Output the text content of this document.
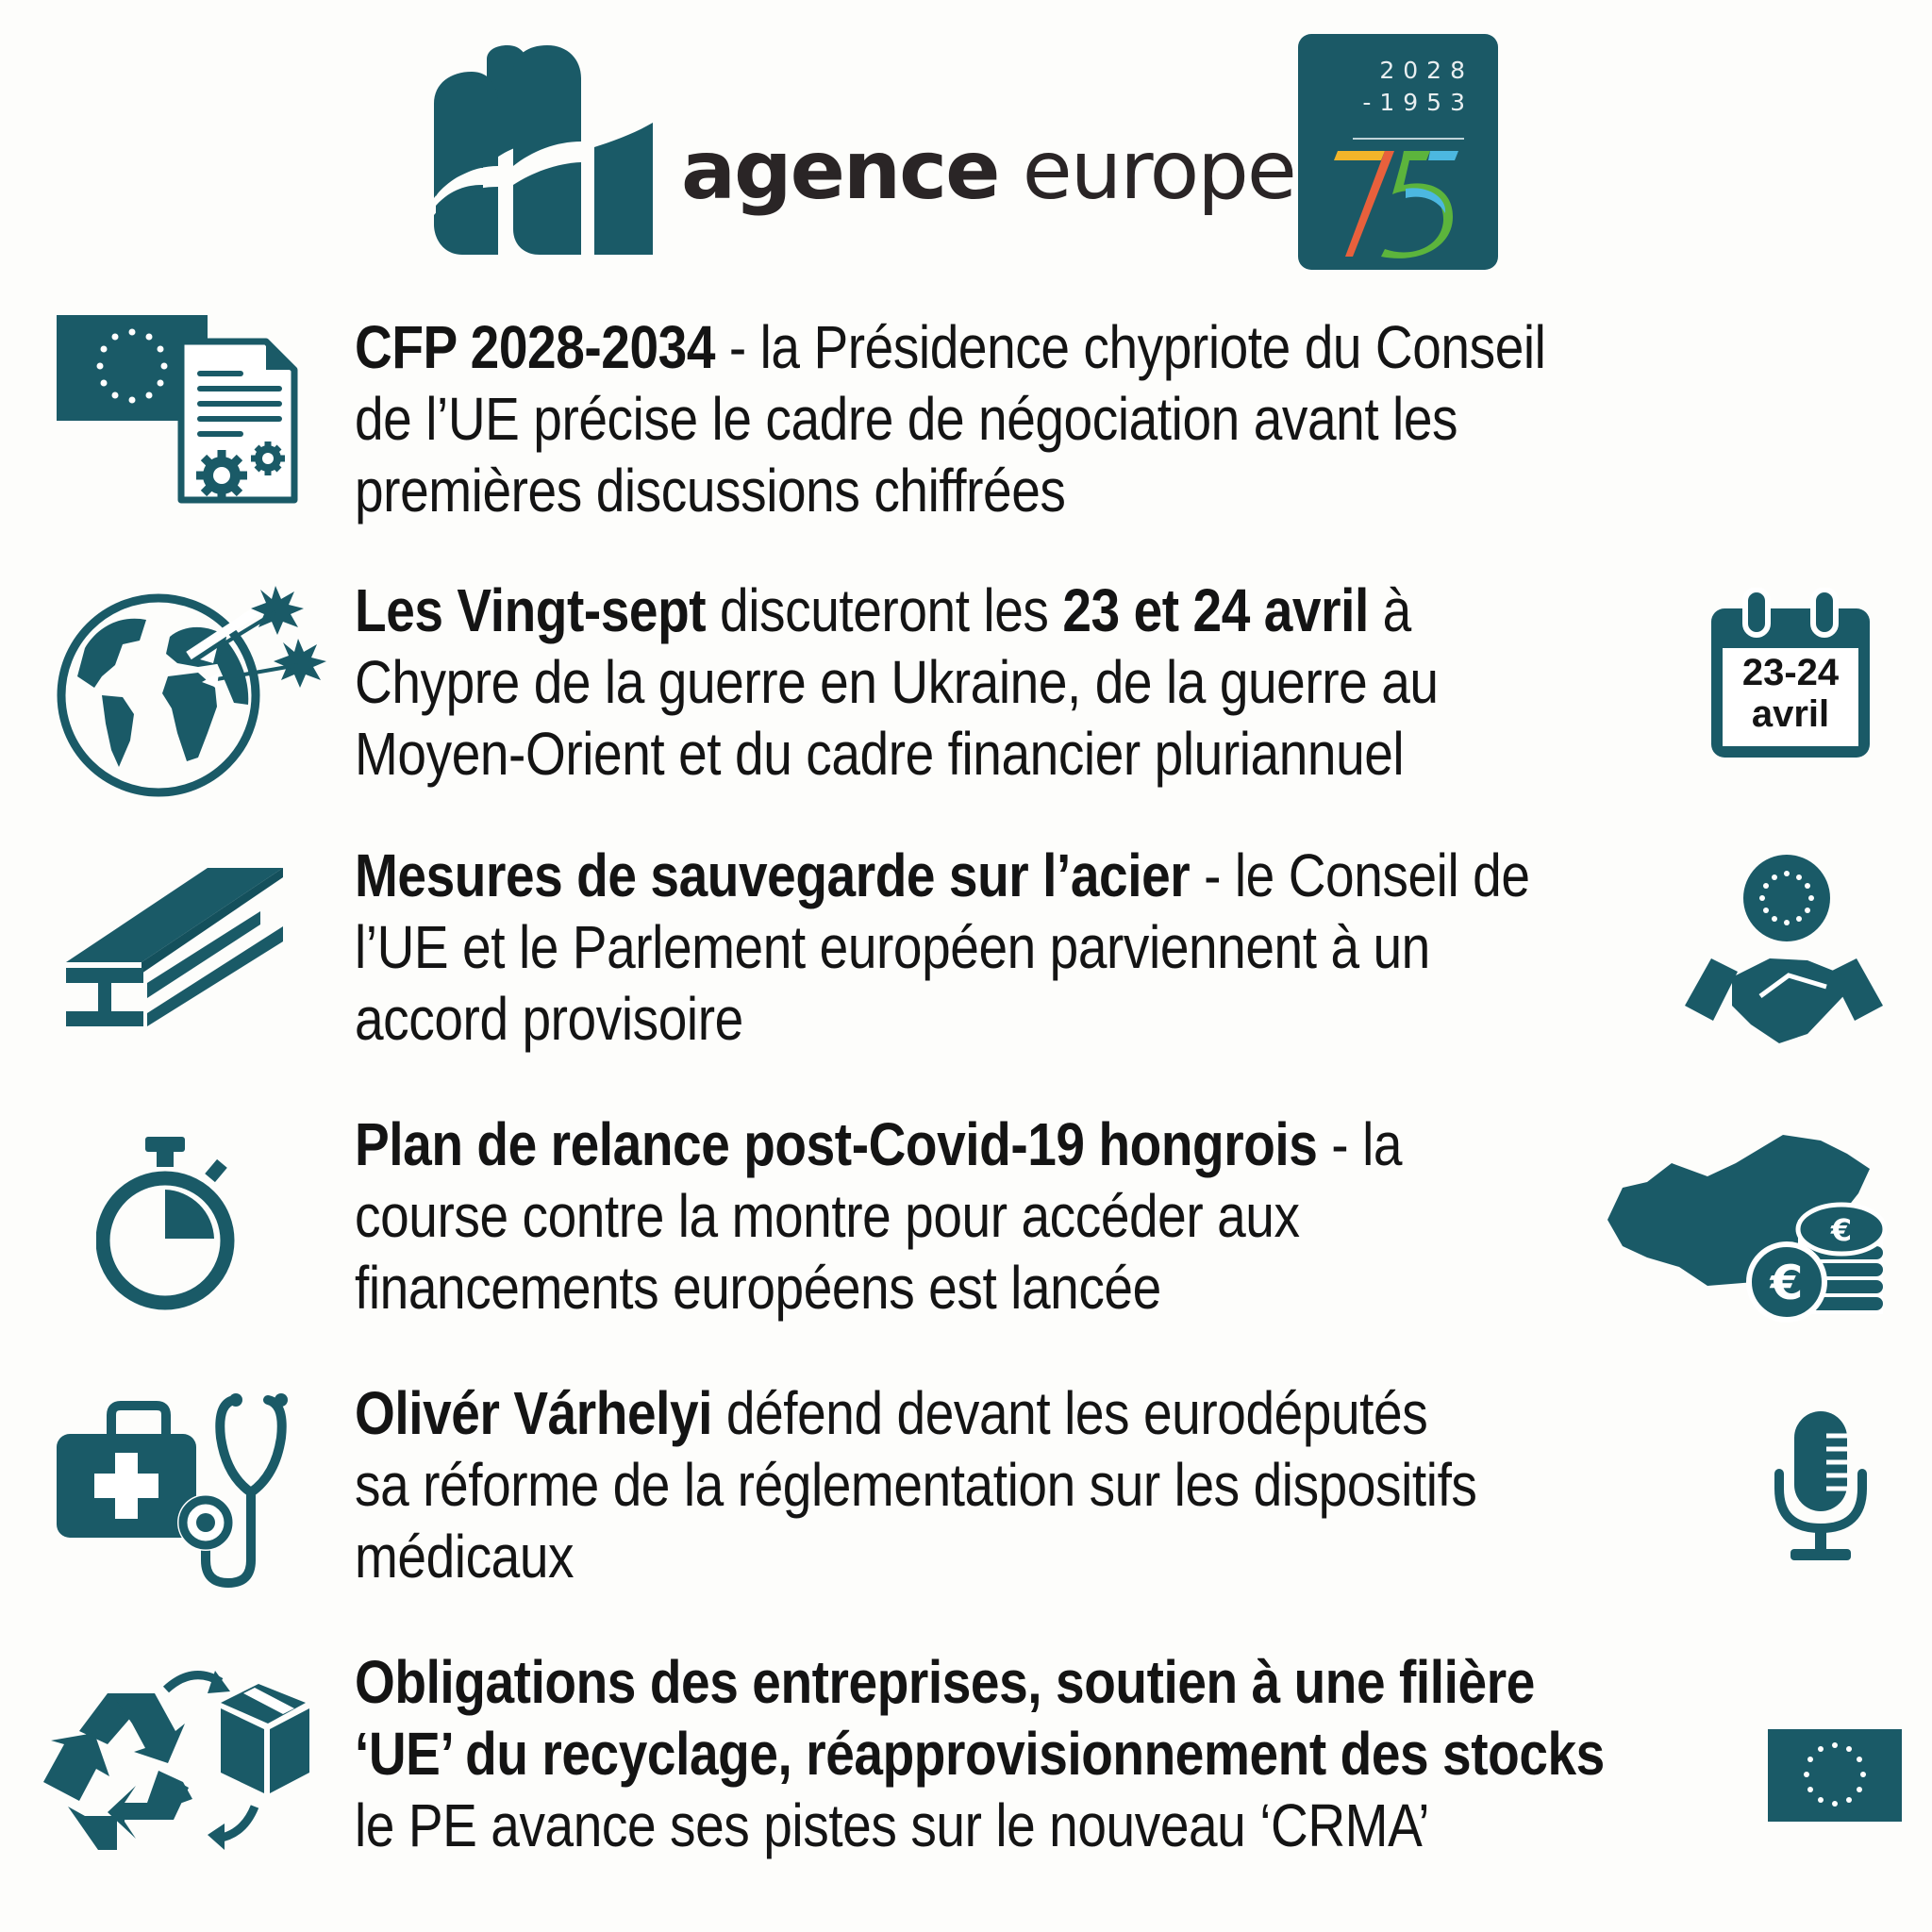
agence europe
2028
-1953
CFP 2028-2034 - la Présidence chypriote du Conseil
de l’UE précise le cadre de négociation avant les
premières discussions chiffrées
Les Vingt-sept discuteront les 23 et 24 avril à
Chypre de la guerre en Ukraine, de la guerre au
Moyen-Orient et du cadre financier pluriannuel
23-24
avril
Mesures de sauvegarde sur l’acier - le Conseil de
l’UE et le Parlement européen parviennent à un
accord provisoire
Plan de relance post-Covid-19 hongrois - la
course contre la montre pour accéder aux
financements européens est lancée
€
€
Olivér Várhelyi défend devant les eurodéputés
sa réforme de la réglementation sur les dispositifs
médicaux
Obligations des entreprises, soutien à une filière
‘UE’ du recyclage, réapprovisionnement des stocks
le PE avance ses pistes sur le nouveau ‘CRMA’
